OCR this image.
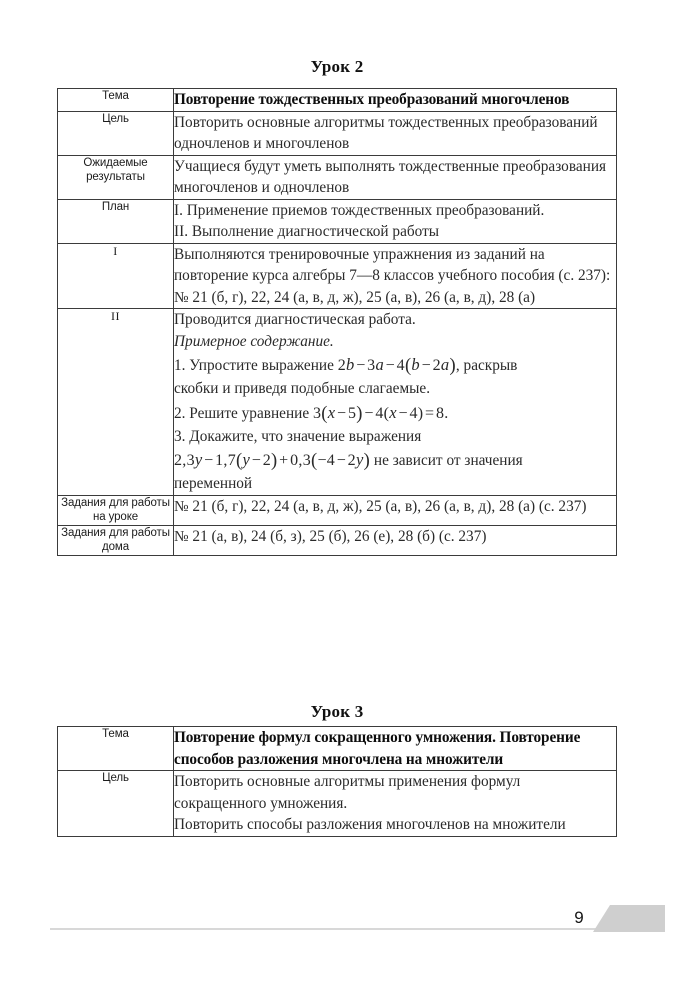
Урок 2
Тема	Повторение тождественных преобразований многочленов
Цель	Повторить основные алгоритмы тождественных преобразований одночленов и многочленов
Ожидаемые результаты	Учащиеся будут уметь выполнять тождественные преобразования многочленов и одночленов
План	I. Применение приемов тождественных преобразований.

II. Выполнение диагностической работы

I	Выполняются тренировочные упражнения из заданий на повторение курса алгебры 7—8 классов учебного пособия (с. 237): № 21 (б, г), 22, 24 (а, в, д, ж), 25 (а, в), 26 (а, в, д), 28 (а)
II	Проводится диагностическая работа.

Примерное содержание.

1. Упростите выражение 2b − 3a − 4(b − 2a), раскрыв

скобки и приведя подобные слагаемые.

2. Решите уравнение 3(x − 5) − 4(x − 4) = 8.

3. Докажите, что значение выражения

2,3y − 1,7(y − 2) + 0,3(−4 − 2y) не зависит от значения

переменной

Задания для работы на уроке	№ 21 (б, г), 22, 24 (а, в, д, ж), 25 (а, в), 26 (а, в, д), 28 (а) (с. 237)
Задания для работы дома	№ 21 (а, в), 24 (б, з), 25 (б), 26 (е), 28 (б) (с. 237)
Урок 3
Тема	Повторение формул сокращенного умножения. Повторение способов разложения многочлена на множители
Цель	Повторить основные алгоритмы применения формул сокращенного умножения.

Повторить способы разложения многочленов на множители

9
